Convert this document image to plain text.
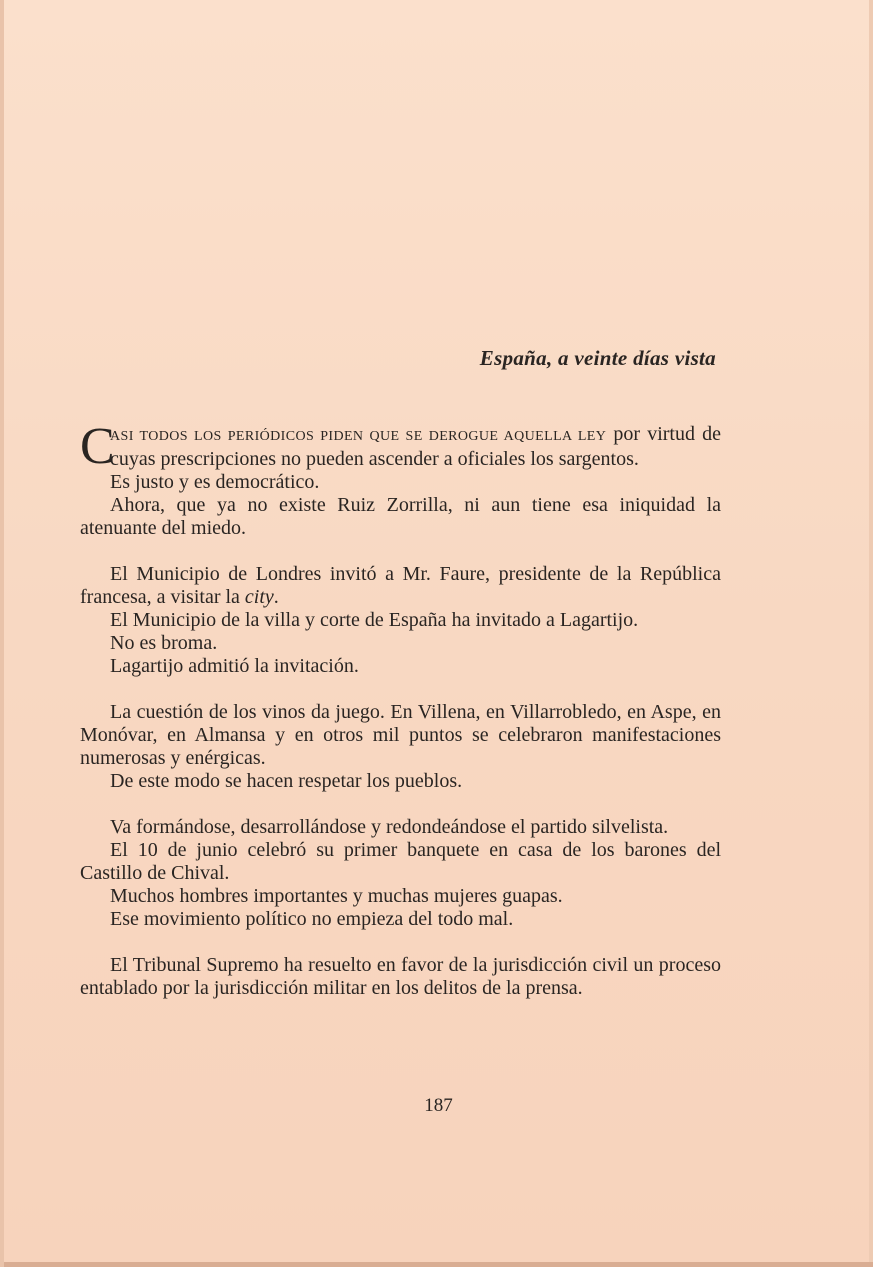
España, a veinte días vista

C
ASI TODOS LOS PERIÓDICOS PIDEN QUE SE DEROGUE AQUELLA LEY por virtud de cuyas prescripciones no pueden ascender a oficiales los sargentos.

Es justo y es democrático.

Ahora, que ya no existe Ruiz Zorrilla, ni aun tiene esa iniquidad la atenuante del miedo.

El Municipio de Londres invitó a Mr. Faure, presidente de la República francesa, a visitar la city.

El Municipio de la villa y corte de España ha invitado a Lagartijo.

No es broma.

Lagartijo admitió la invitación.

La cuestión de los vinos da juego. En Villena, en Villarrobledo, en Aspe, en Monóvar, en Almansa y en otros mil puntos se celebraron manifestaciones numerosas y enérgicas.

De este modo se hacen respetar los pueblos.

Va formándose, desarrollándose y redondeándose el partido silvelista.

El 10 de junio celebró su primer banquete en casa de los barones del Castillo de Chival.

Muchos hombres importantes y muchas mujeres guapas.

Ese movimiento político no empieza del todo mal.

El Tribunal Supremo ha resuelto en favor de la jurisdicción civil un proceso entablado por la jurisdicción militar en los delitos de la prensa.

187
